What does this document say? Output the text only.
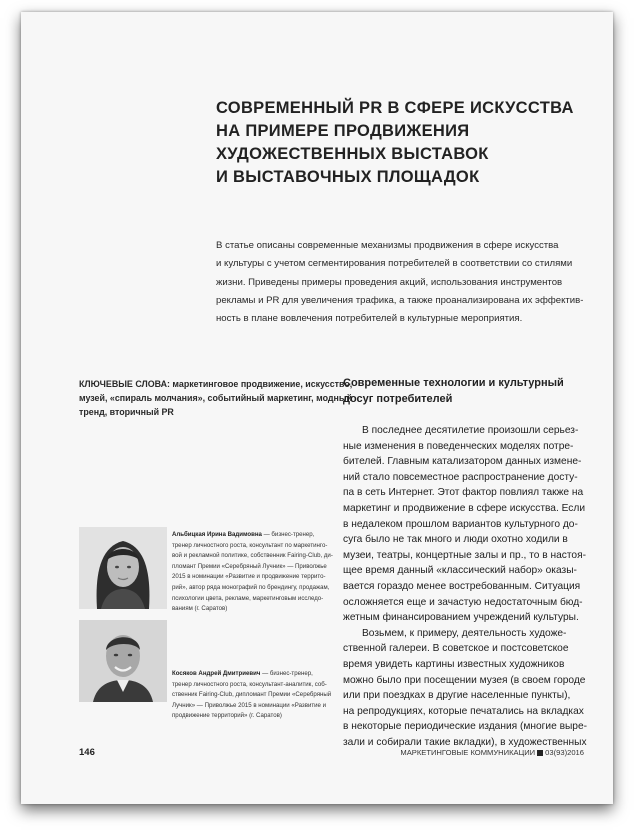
СОВРЕМЕННЫЙ PR В СФЕРЕ ИСКУССТВА
НА ПРИМЕРЕ ПРОДВИЖЕНИЯ
ХУДОЖЕСТВЕННЫХ ВЫСТАВОК
И ВЫСТАВОЧНЫХ ПЛОЩАДОК
В статье описаны современные механизмы продвижения в сфере искусства
и культуры с учетом сегментирования потребителей в соответствии со стилями
жизни. Приведены примеры проведения акций, использования инструментов
рекламы и PR для увеличения трафика, а также проанализирована их эффектив-
ность в плане вовлечения потребителей в культурные мероприятия.
КЛЮЧЕВЫЕ СЛОВА: маркетинговое продвижение, искусство,
музей, «спираль молчания», событийный маркетинг, модный
тренд, вторичный PR
Современные технологии и культурный
досуг потребителей
В последнее десятилетие произошли серьез-
ные изменения в поведенческих моделях потре-
бителей. Главным катализатором данных измене-
ний стало повсеместное распространение досту-
па в сеть Интернет. Этот фактор повлиял также на
маркетинг и продвижение в сфере искусства. Если
в недалеком прошлом вариантов культурного до-
суга было не так много и люди охотно ходили в
музеи, театры, концертные залы и пр., то в настоя-
щее время данный «классический набор» оказы-
вается гораздо менее востребованным. Ситуация
осложняется еще и зачастую недостаточным бюд-
жетным финансированием учреждений культуры.
Возьмем, к примеру, деятельность художе-
ственной галереи. В советское и постсоветское
время увидеть картины известных художников
можно было при посещении музея (в своем городе
или при поездках в другие населенные пункты),
на репродукциях, которые печатались на вкладках
в некоторые периодические издания (многие выре-
зали и собирали такие вкладки), в художественных
Альбицкая Ирина Вадимовна — бизнес-тренер,
тренер личностного роста, консультант по маркетинго-
вой и рекламной политике, собственник Fairing-Club, ди-
пломант Премии «Серебряный Лучник» — Приволжье
2015 в номинации «Развитие и продвижение террито-
рий», автор ряда монографий по брендингу, продажам,
психологии цвета, рекламе, маркетинговым исследо-
ваниям (г. Саратов)
Косяков Андрей Дмитриевич — бизнес-тренер,
тренер личностного роста, консультант-аналитик, соб-
ственник Fairing-Club, дипломант Премии «Серебряный
Лучник» — Приволжье 2015 в номинации «Развитие и
продвижение территорий» (г. Саратов)
146	МАРКЕТИНГОВЫЕ КОММУНИКАЦИИ 03(93)2016
